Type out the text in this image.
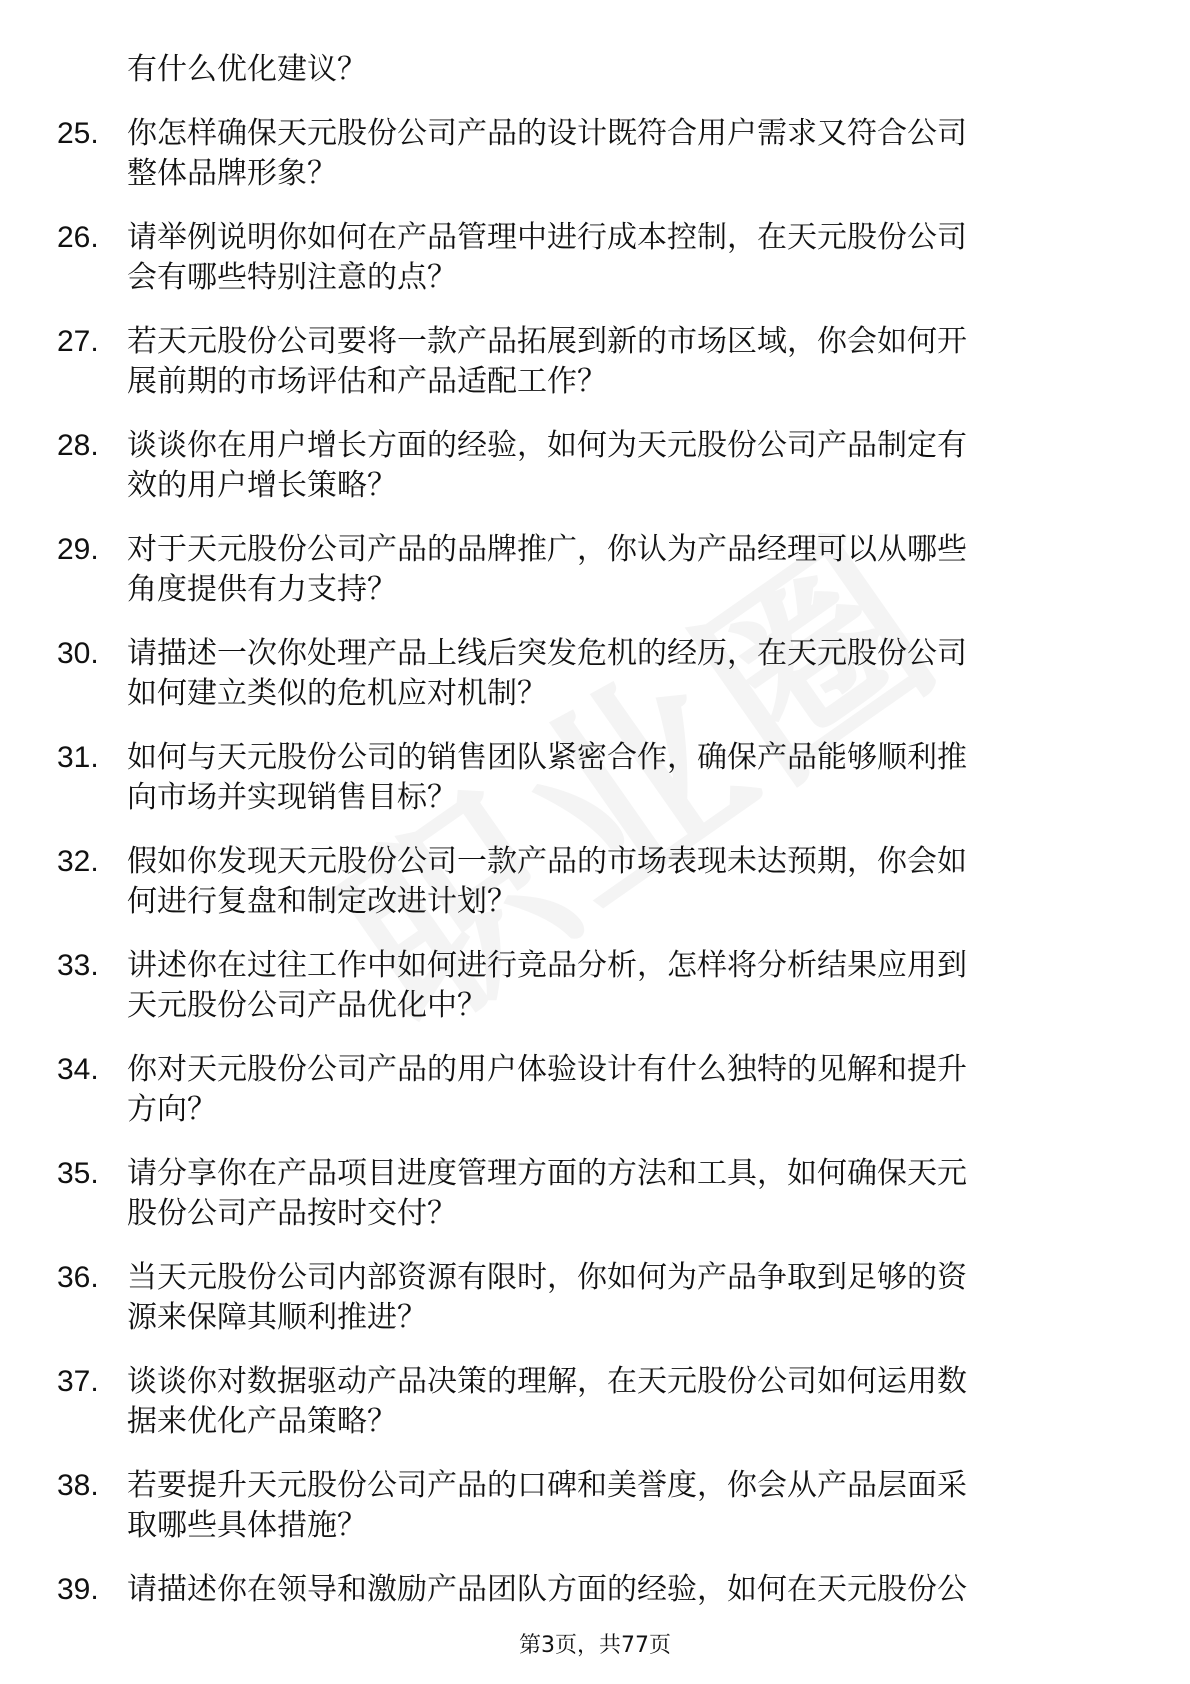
有什么优化建议？
25. 你怎样确保天元股份公司产品的设计既符合用户需求又符合公司
整体品牌形象？
26. 请举例说明你如何在产品管理中进行成本控制，在天元股份公司
会有哪些特别注意的点？
27. 若天元股份公司要将一款产品拓展到新的市场区域，你会如何开
展前期的市场评估和产品适配工作？
28. 谈谈你在用户增长方面的经验，如何为天元股份公司产品制定有
效的用户增长策略？
29. 对于天元股份公司产品的品牌推广，你认为产品经理可以从哪些
角度提供有力支持？
30. 请描述一次你处理产品上线后突发危机的经历，在天元股份公司
如何建立类似的危机应对机制？
31. 如何与天元股份公司的销售团队紧密合作，确保产品能够顺利推
向市场并实现销售目标？
32. 假如你发现天元股份公司一款产品的市场表现未达预期，你会如
何进行复盘和制定改进计划？
33. 讲述你在过往工作中如何进行竞品分析，怎样将分析结果应用到
天元股份公司产品优化中？
34. 你对天元股份公司产品的用户体验设计有什么独特的见解和提升
方向？
35. 请分享你在产品项目进度管理方面的方法和工具，如何确保天元
股份公司产品按时交付？
36. 当天元股份公司内部资源有限时，你如何为产品争取到足够的资
源来保障其顺利推进？
37. 谈谈你对数据驱动产品决策的理解，在天元股份公司如何运用数
据来优化产品策略？
38. 若要提升天元股份公司产品的口碑和美誉度，你会从产品层面采
取哪些具体措施？
39. 请描述你在领导和激励产品团队方面的经验，如何在天元股份公
第3页，共77页
